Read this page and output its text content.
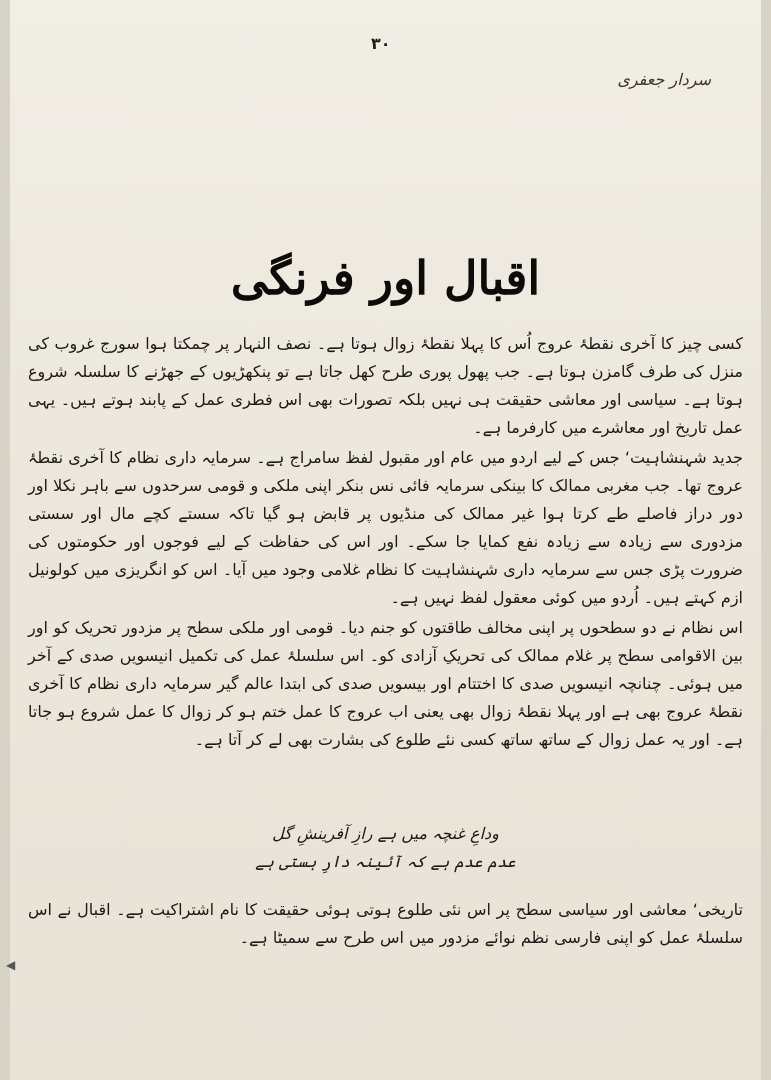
۳۰
سردار جعفری
اقبال اور فرنگی

کسی چیز کا آخری نقطۂ عروج اُس کا پہلا نقطۂ زوال ہوتا ہے۔ نصف النہار پر چمکتا ہوا سورج غروب کی منزل کی طرف گامزن ہوتا ہے۔ جب پھول پوری طرح کھل جاتا ہے تو پنکھڑیوں کے جھڑنے کا سلسلہ شروع ہوتا ہے۔ سیاسی اور معاشی حقیقت ہی نہیں بلکہ تصورات بھی اس فطری عمل کے پابند ہوتے ہیں۔ یہی عمل تاریخ اور معاشرے میں کارفرما ہے۔

جدید شہنشاہیت‘ جس کے لیے اردو میں عام اور مقبول لفظ سامراج ہے۔ سرمایہ داری نظام کا آخری نقطۂ عروج تھا۔ جب مغربی ممالک کا بینکی سرمایہ فائی نس بنکر اپنی ملکی و قومی سرحدوں سے باہر نکلا اور دور دراز فاصلے طے کرتا ہوا غیر ممالک کی منڈیوں پر قابض ہو گیا تاکہ سستے کچے مال اور سستی مزدوری سے زیادہ سے زیادہ نفع کمایا جا سکے۔ اور اس کی حفاظت کے لیے فوجوں اور حکومتوں کی ضرورت پڑی جس سے سرمایہ داری شہنشاہیت کا نظام غلامی وجود میں آیا۔ اس کو انگریزی میں کولونیل ازم کہتے ہیں۔ اُردو میں کوئی معقول لفظ نہیں ہے۔

اس نظام نے دو سطحوں پر اپنی مخالف طاقتوں کو جنم دیا۔ قومی اور ملکی سطح پر مزدور تحریک کو اور بین الاقوامی سطح پر غلام ممالک کی تحریکِ آزادی کو۔ اس سلسلۂ عمل کی تکمیل انیسویں صدی کے آخر میں ہوئی۔ چنانچہ انیسویں صدی کا اختتام اور بیسویں صدی کی ابتدا عالم گیر سرمایہ داری نظام کا آخری نقطۂ عروج بھی ہے اور پہلا نقطۂ زوال بھی یعنی اب عروج کا عمل ختم ہو کر زوال کا عمل شروع ہو جاتا ہے۔ اور یہ عمل زوال کے ساتھ ساتھ کسی نئے طلوع کی بشارت بھی لے کر آتا ہے۔

وداعِ غنچہ میں ہے رازِ آفرینشِ گل
عدم عدم ہے کہ آئینہ دارِ ہستی ہے

تاریخی‘ معاشی اور سیاسی سطح پر اس نئی طلوع ہوتی ہوئی حقیقت کا نام اشتراکیت ہے۔ اقبال نے اس سلسلۂ عمل کو اپنی فارسی نظم نوائے مزدور میں اس طرح سے سمیٹا ہے۔

◀
